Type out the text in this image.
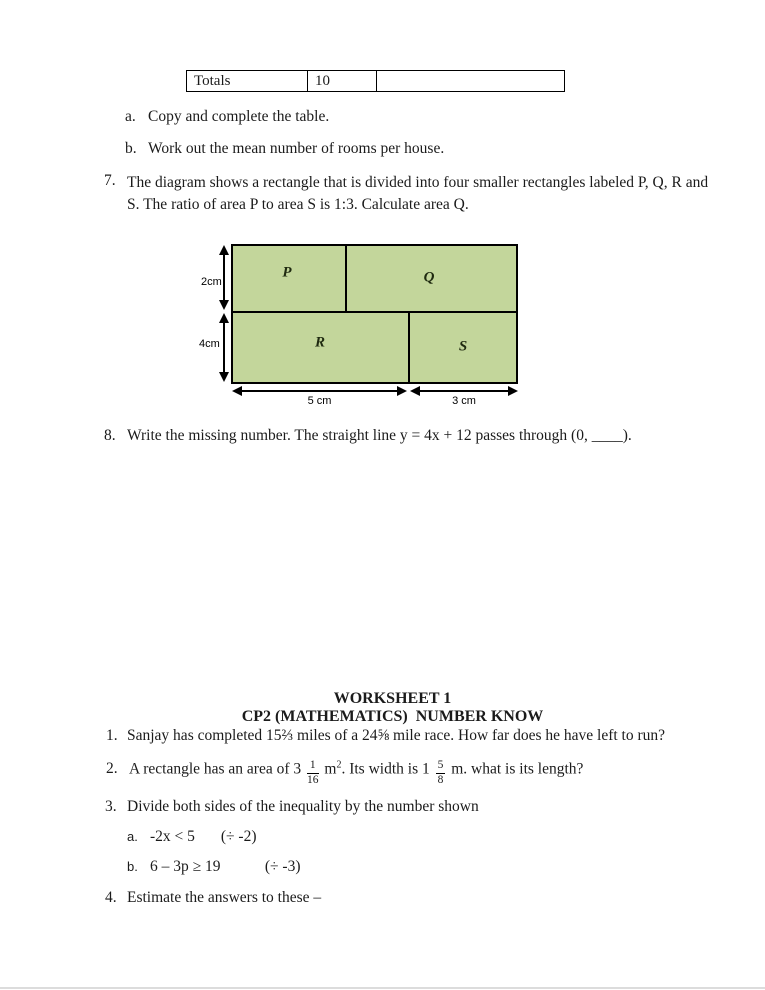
Totals	10	
a. Copy and complete the table.
b. Work out the mean number of rooms per house.
7. The diagram shows a rectangle that is divided into four smaller rectangles labeled P, Q, R and
S. The ratio of area P to area S is 1:3. Calculate area Q.
P	Q
R	S
2cm
4cm
5 cm	3 cm
8. Write the missing number. The straight line y = 4x + 12 passes through (0, ____).
WORKSHEET 1
CP2 (MATHEMATICS)  NUMBER KNOW
1. Sanjay has completed 15⅔ miles of a 24⅝ mile race. How far does he have left to run?
2. A rectangle has an area of $3 \frac{1}{16} m^2$. Its width is $1 \frac{5}{8} m$. what is its length?
3. Divide both sides of the inequality by the number shown
a. -2x < 5 (÷ -2)
b. 6 – 3p ≥ 19	(÷ -3)
4. Estimate the answers to these –
